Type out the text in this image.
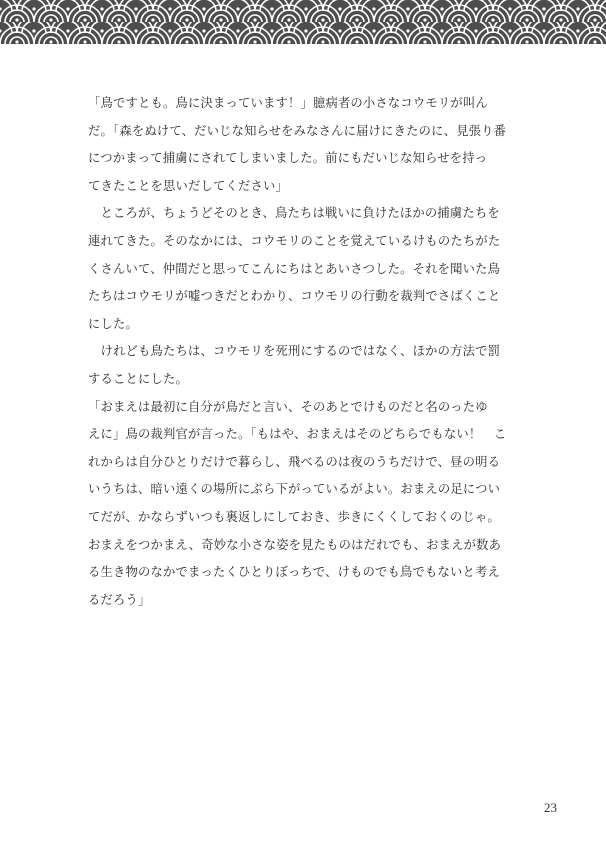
「鳥ですとも。鳥に決まっています！」臆病者の小さなコウモリが叫ん
だ。「森をぬけて、だいじな知らせをみなさんに届けにきたのに、見張り番
につかまって捕虜にされてしまいました。前にもだいじな知らせを持っ
てきたことを思いだしてください」
　ところが、ちょうどそのとき、鳥たちは戦いに負けたほかの捕虜たちを
連れてきた。そのなかには、コウモリのことを覚えているけものたちがた
くさんいて、仲間だと思ってこんにちはとあいさつした。それを聞いた鳥
たちはコウモリが嘘つきだとわかり、コウモリの行動を裁判でさばくこと
にした。
　けれども鳥たちは、コウモリを死刑にするのではなく、ほかの方法で罰
することにした。
「おまえは最初に自分が鳥だと言い、そのあとでけものだと名のったゆ
えに」鳥の裁判官が言った。「もはや、おまえはそのどちらでもない！　こ
れからは自分ひとりだけで暮らし、飛べるのは夜のうちだけで、昼の明る
いうちは、暗い遠くの場所にぶら下がっているがよい。おまえの足につい
てだが、かならずいつも裏返しにしておき、歩きにくくしておくのじゃ。
おまえをつかまえ、奇妙な小さな姿を見たものはだれでも、おまえが数あ
る生き物のなかでまったくひとりぼっちで、けものでも鳥でもないと考え
るだろう」
23
